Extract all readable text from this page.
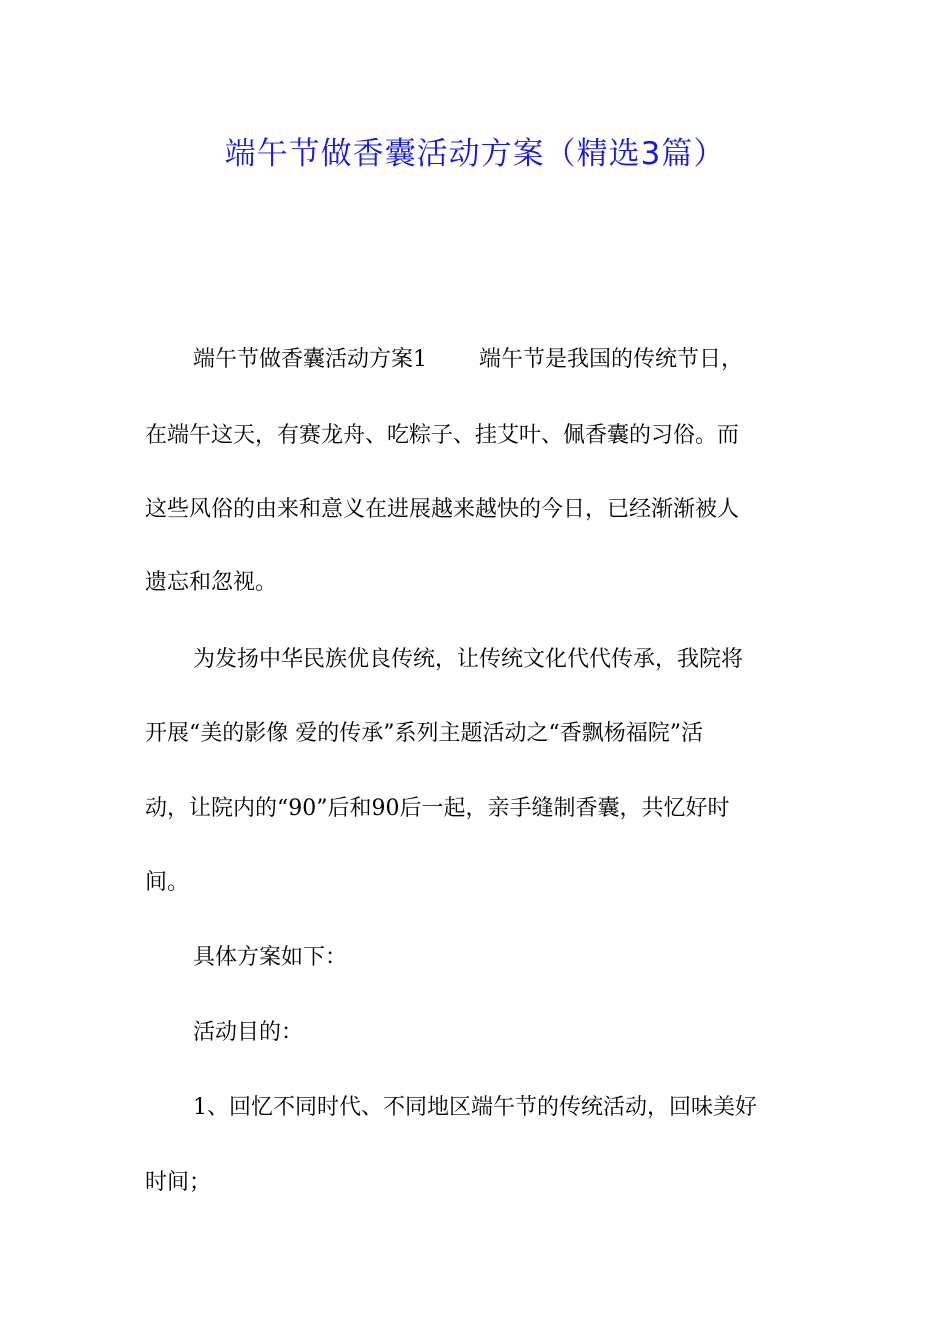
端午节做香囊活动方案（精选3篇）

端午节做香囊活动方案1 端午节是我国的传统节日，

在端午这天，有赛龙舟、吃粽子、挂艾叶、佩香囊的习俗。而

这些风俗的由来和意义在进展越来越快的今日，已经渐渐被人

遗忘和忽视。

为发扬中华民族优良传统，让传统文化代代传承，我院将

开展“美的影像 爱的传承”系列主题活动之“香飘杨福院”活

动，让院内的“90”后和90后一起，亲手缝制香囊，共忆好时

间。

具体方案如下：

活动目的：

1、回忆不同时代、不同地区端午节的传统活动，回味美好

时间；
